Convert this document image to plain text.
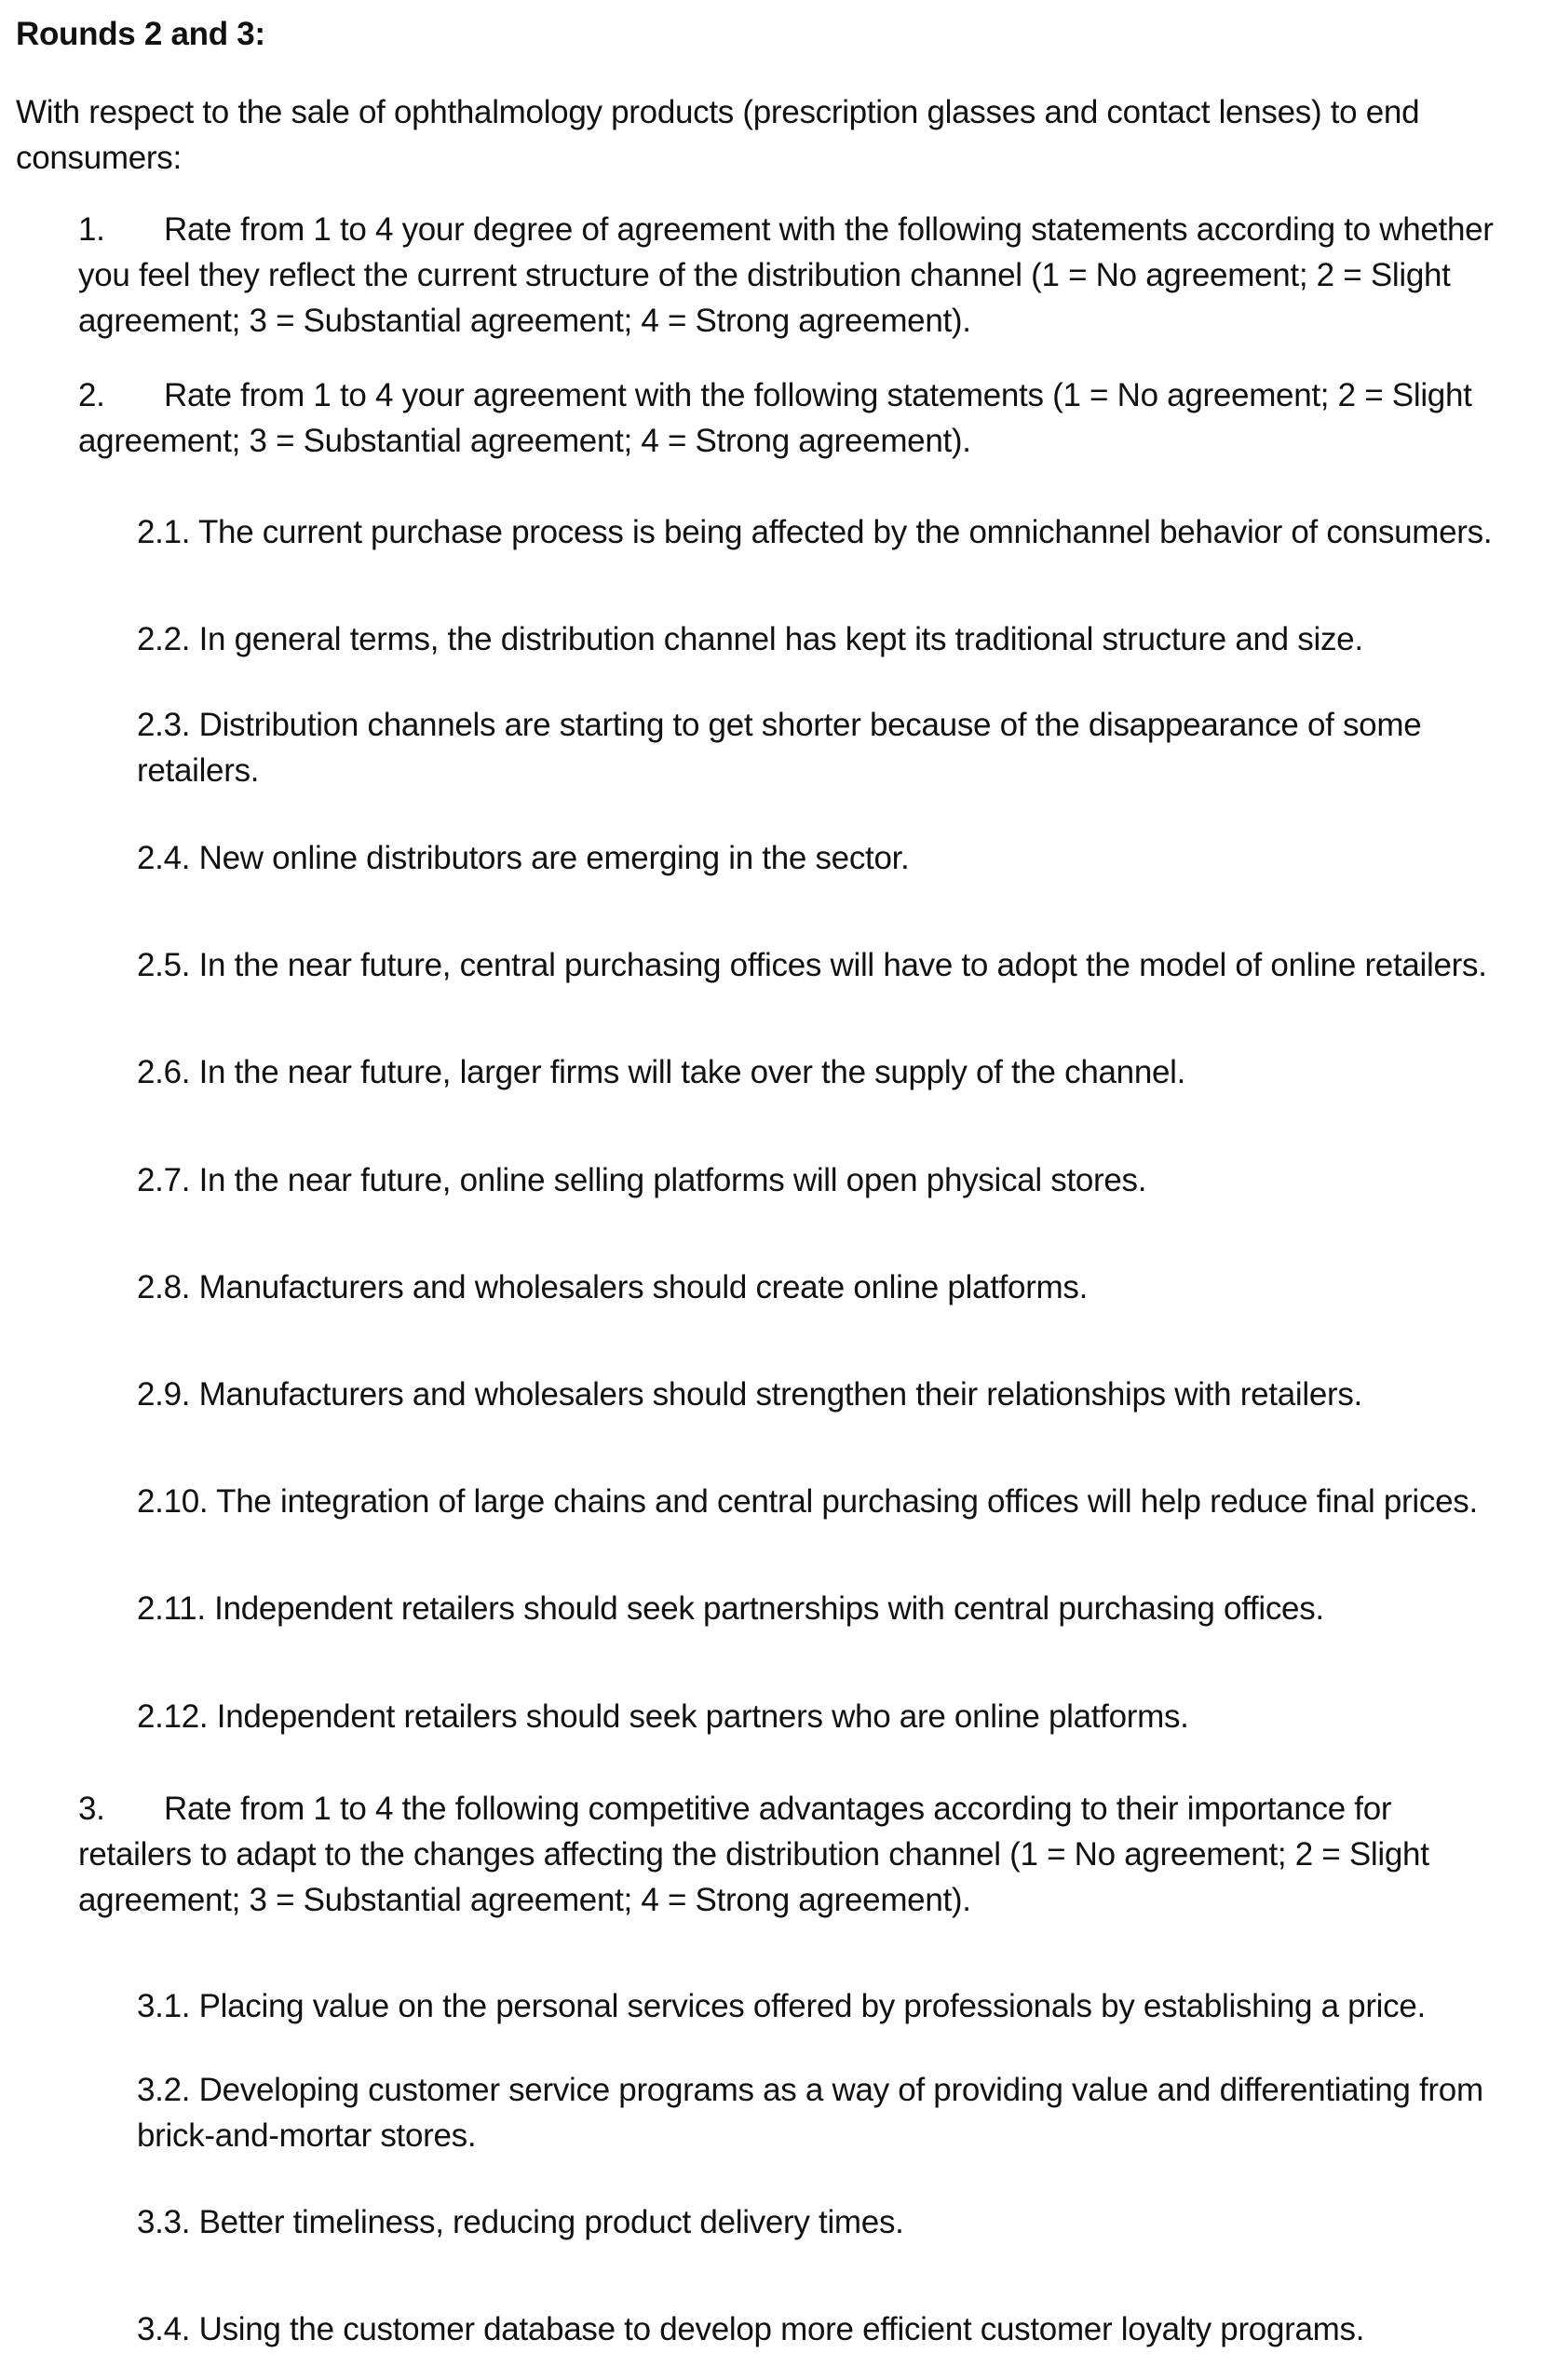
Rounds 2 and 3:

With respect to the sale of ophthalmology products (prescription glasses and contact lenses) to end

consumers:

1. Rate from 1 to 4 your degree of agreement with the following statements according to whether

you feel they reflect the current structure of the distribution channel (1 = No agreement; 2 = Slight

agreement; 3 = Substantial agreement; 4 = Strong agreement).

2. Rate from 1 to 4 your agreement with the following statements (1 = No agreement; 2 = Slight

agreement; 3 = Substantial agreement; 4 = Strong agreement).

2.1. The current purchase process is being affected by the omnichannel behavior of consumers.

2.2. In general terms, the distribution channel has kept its traditional structure and size.

2.3. Distribution channels are starting to get shorter because of the disappearance of some

retailers.

2.4. New online distributors are emerging in the sector.

2.5. In the near future, central purchasing offices will have to adopt the model of online retailers.

2.6. In the near future, larger firms will take over the supply of the channel.

2.7. In the near future, online selling platforms will open physical stores.

2.8. Manufacturers and wholesalers should create online platforms.

2.9. Manufacturers and wholesalers should strengthen their relationships with retailers.

2.10. The integration of large chains and central purchasing offices will help reduce final prices.

2.11. Independent retailers should seek partnerships with central purchasing offices.

2.12. Independent retailers should seek partners who are online platforms.

3. Rate from 1 to 4 the following competitive advantages according to their importance for

retailers to adapt to the changes affecting the distribution channel (1 = No agreement; 2 = Slight

agreement; 3 = Substantial agreement; 4 = Strong agreement).

3.1. Placing value on the personal services offered by professionals by establishing a price.

3.2. Developing customer service programs as a way of providing value and differentiating from

brick-and-mortar stores.

3.3. Better timeliness, reducing product delivery times.

3.4. Using the customer database to develop more efficient customer loyalty programs.
